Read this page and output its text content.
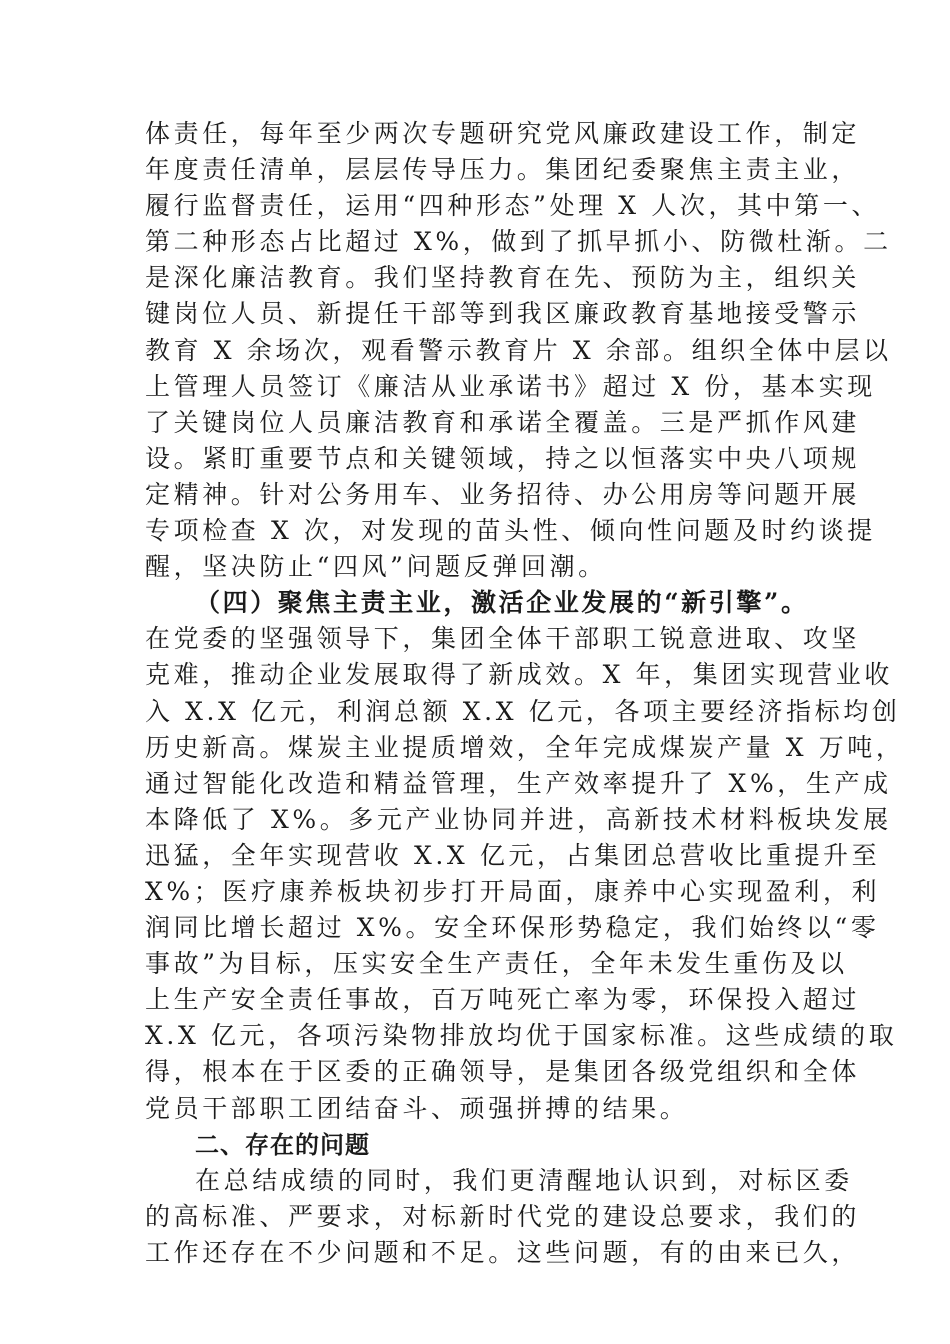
体责任，每年至少两次专题研究党风廉政建设工作，制定
年度责任清单，层层传导压力。集团纪委聚焦主责主业，
履行监督责任，运用“四种形态”处理 X 人次，其中第一、
第二种形态占比超过 X%，做到了抓早抓小、防微杜渐。二
是深化廉洁教育。我们坚持教育在先、预防为主，组织关
键岗位人员、新提任干部等到我区廉政教育基地接受警示
教育 X 余场次，观看警示教育片 X 余部。组织全体中层以
上管理人员签订《廉洁从业承诺书》超过 X 份，基本实现
了关键岗位人员廉洁教育和承诺全覆盖。三是严抓作风建
设。紧盯重要节点和关键领域，持之以恒落实中央八项规
定精神。针对公务用车、业务招待、办公用房等问题开展
专项检查 X 次，对发现的苗头性、倾向性问题及时约谈提
醒，坚决防止“四风”问题反弹回潮。
（四）聚焦主责主业，激活企业发展的“新引擎”。
在党委的坚强领导下，集团全体干部职工锐意进取、攻坚
克难，推动企业发展取得了新成效。X 年，集团实现营业收
入 X.X 亿元，利润总额 X.X 亿元，各项主要经济指标均创
历史新高。煤炭主业提质增效，全年完成煤炭产量 X 万吨，
通过智能化改造和精益管理，生产效率提升了 X%，生产成
本降低了 X%。多元产业协同并进，高新技术材料板块发展
迅猛，全年实现营收 X.X 亿元，占集团总营收比重提升至
X%；医疗康养板块初步打开局面，康养中心实现盈利，利
润同比增长超过 X%。安全环保形势稳定，我们始终以“零
事故”为目标，压实安全生产责任，全年未发生重伤及以
上生产安全责任事故，百万吨死亡率为零，环保投入超过
X.X 亿元，各项污染物排放均优于国家标准。这些成绩的取
得，根本在于区委的正确领导，是集团各级党组织和全体
党员干部职工团结奋斗、顽强拼搏的结果。
二、存在的问题
在总结成绩的同时，我们更清醒地认识到，对标区委
的高标准、严要求，对标新时代党的建设总要求，我们的
工作还存在不少问题和不足。这些问题，有的由来已久，
